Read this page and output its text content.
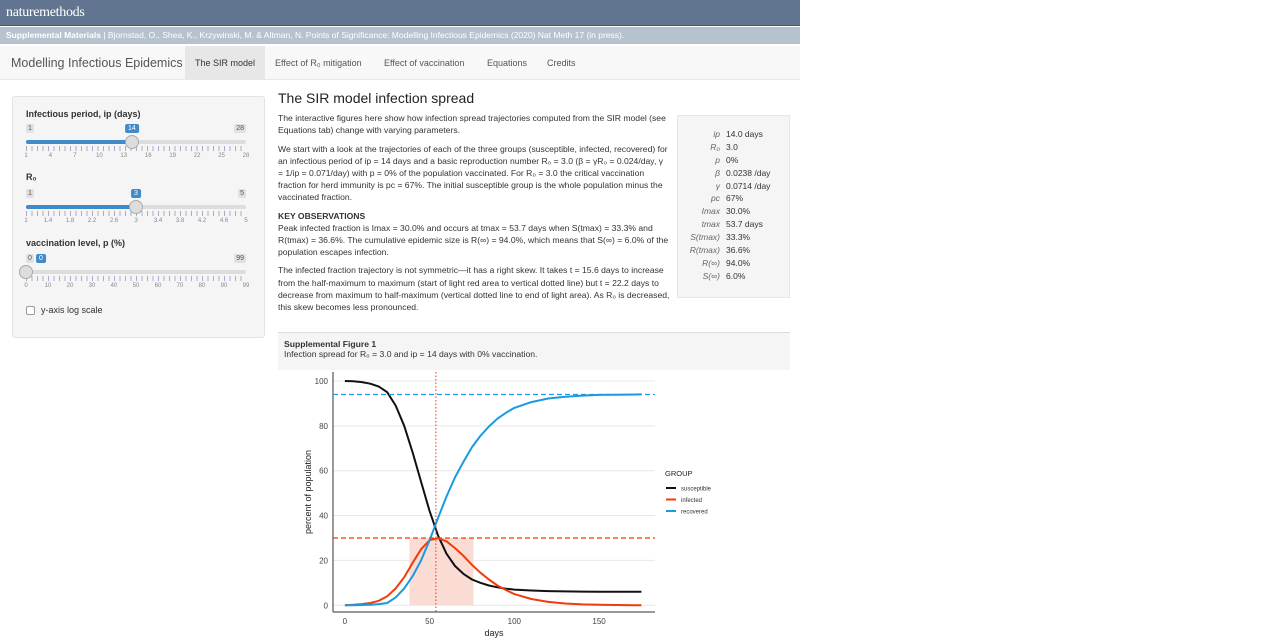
naturemethods
Supplemental Materials | Bjornstad, O., Shea, K., Krzywinski, M. & Altman, N. Points of Significance: Modelling Infectious Epidemics (2020) Nat Meth 17 (in press).
Modelling Infectious Epidemics	The SIR model	Effect of R₀ mitigation	Effect of vaccination	Equations	Credits
Infectious period, ip (days)
1	28
1	4	7	10	13	16	19	22	25	28
14
R₀
1	5
1	1.4 1.8 2.2 2.6	3	3.4 3.8 4.2 4.6	5
3
vaccination level, p (%)
0	99
0	10	20	30	40	50	60	70	80	90	99
0
y-axis log scale
The SIR model infection spread

The interactive figures here show how infection spread trajectories computed from the SIR model (see Equations tab) change with varying parameters.

We start with a look at the trajectories of each of the three groups (susceptible, infected, recovered) for an infectious period of ip = 14 days and a basic reproduction number R₀ = 3.0 (β = γR₀ = 0.024/day, γ = 1/ip = 0.071/day) with p = 0% of the population vaccinated. For R₀ = 3.0 the critical vaccination fraction for herd immunity is pc = 67%. The initial susceptible group is the whole population minus the vaccinated fraction.

KEY OBSERVATIONS

Peak infected fraction is Imax = 30.0% and occurs at tmax = 53.7 days when S(tmax) = 33.3% and R(tmax) = 36.6%. The cumulative epidemic size is R(∞) = 94.0%, which means that S(∞) = 6.0% of the population escapes infection.

The infected fraction trajectory is not symmetric—it has a right skew. It takes t = 15.6 days to increase from the half-maximum to maximum (start of light red area to vertical dotted line) but t = 22.2 days to decrease from maximum to half-maximum (vertical dotted line to end of light area). As R₀ is decreased, this skew becomes less pronounced.

ip 14.0 days
R₀ 3.0
p 0%
β 0.0238 /day
γ 0.0714 /day
pc 67%
Imax 30.0%
tmax 53.7 days
S(tmax) 33.3%
R(tmax) 36.6%
R(∞) 94.0%
S(∞) 6.0%
Supplemental Figure 1
Infection spread for R₀ = 3.0 and ip = 14 days with 0% vaccination.
0
20
40
60
80
100
0	50	100	150
days
percent of population	GROUP
susceptible
infected
recovered
